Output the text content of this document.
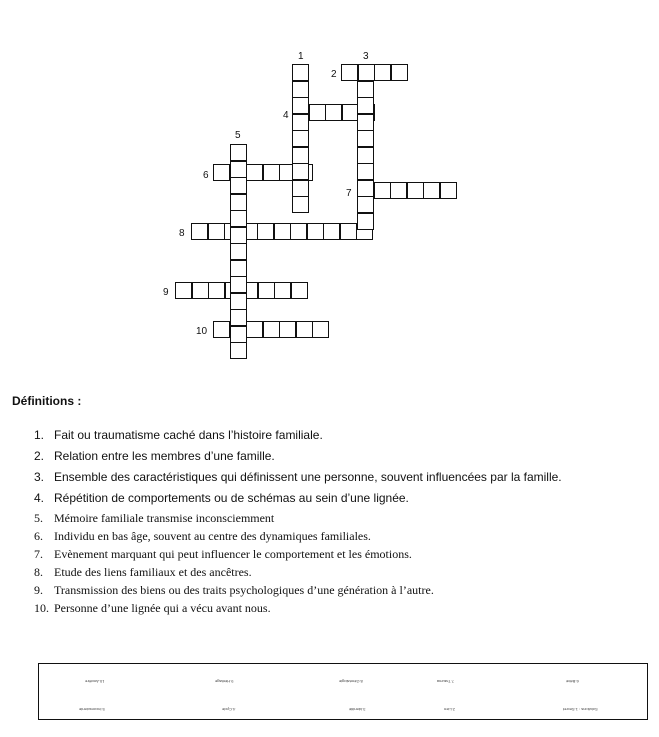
1
2
3
4
5
6
7
8
9
10
Définitions :
1. Fait ou traumatisme caché dans l’histoire familiale.
2. Relation entre les membres d’une famille.
3. Ensemble des caractéristiques qui définissent une personne, souvent influencées par la famille.
4. Répétition de comportements ou de schémas au sein d’une lignée.
5. Mémoire familiale transmise inconsciemment
6. Individu en bas âge, souvent au centre des dynamiques familiales.
7. Evènement marquant qui peut influencer le comportement et les émotions.
8. Etude des liens familiaux et des ancêtres.
9. Transmission des biens ou des traits psychologiques d’une génération à l’autre.
10. Personne d’une lignée qui a vécu avant nous.
10.Ancêtre	9.Héritage	8.Généalogie	7.Trauma	6.Bébé
5.Inconsciente	4.Cycle	3.Identité	2.Lien	Solutions : 1.Secret
